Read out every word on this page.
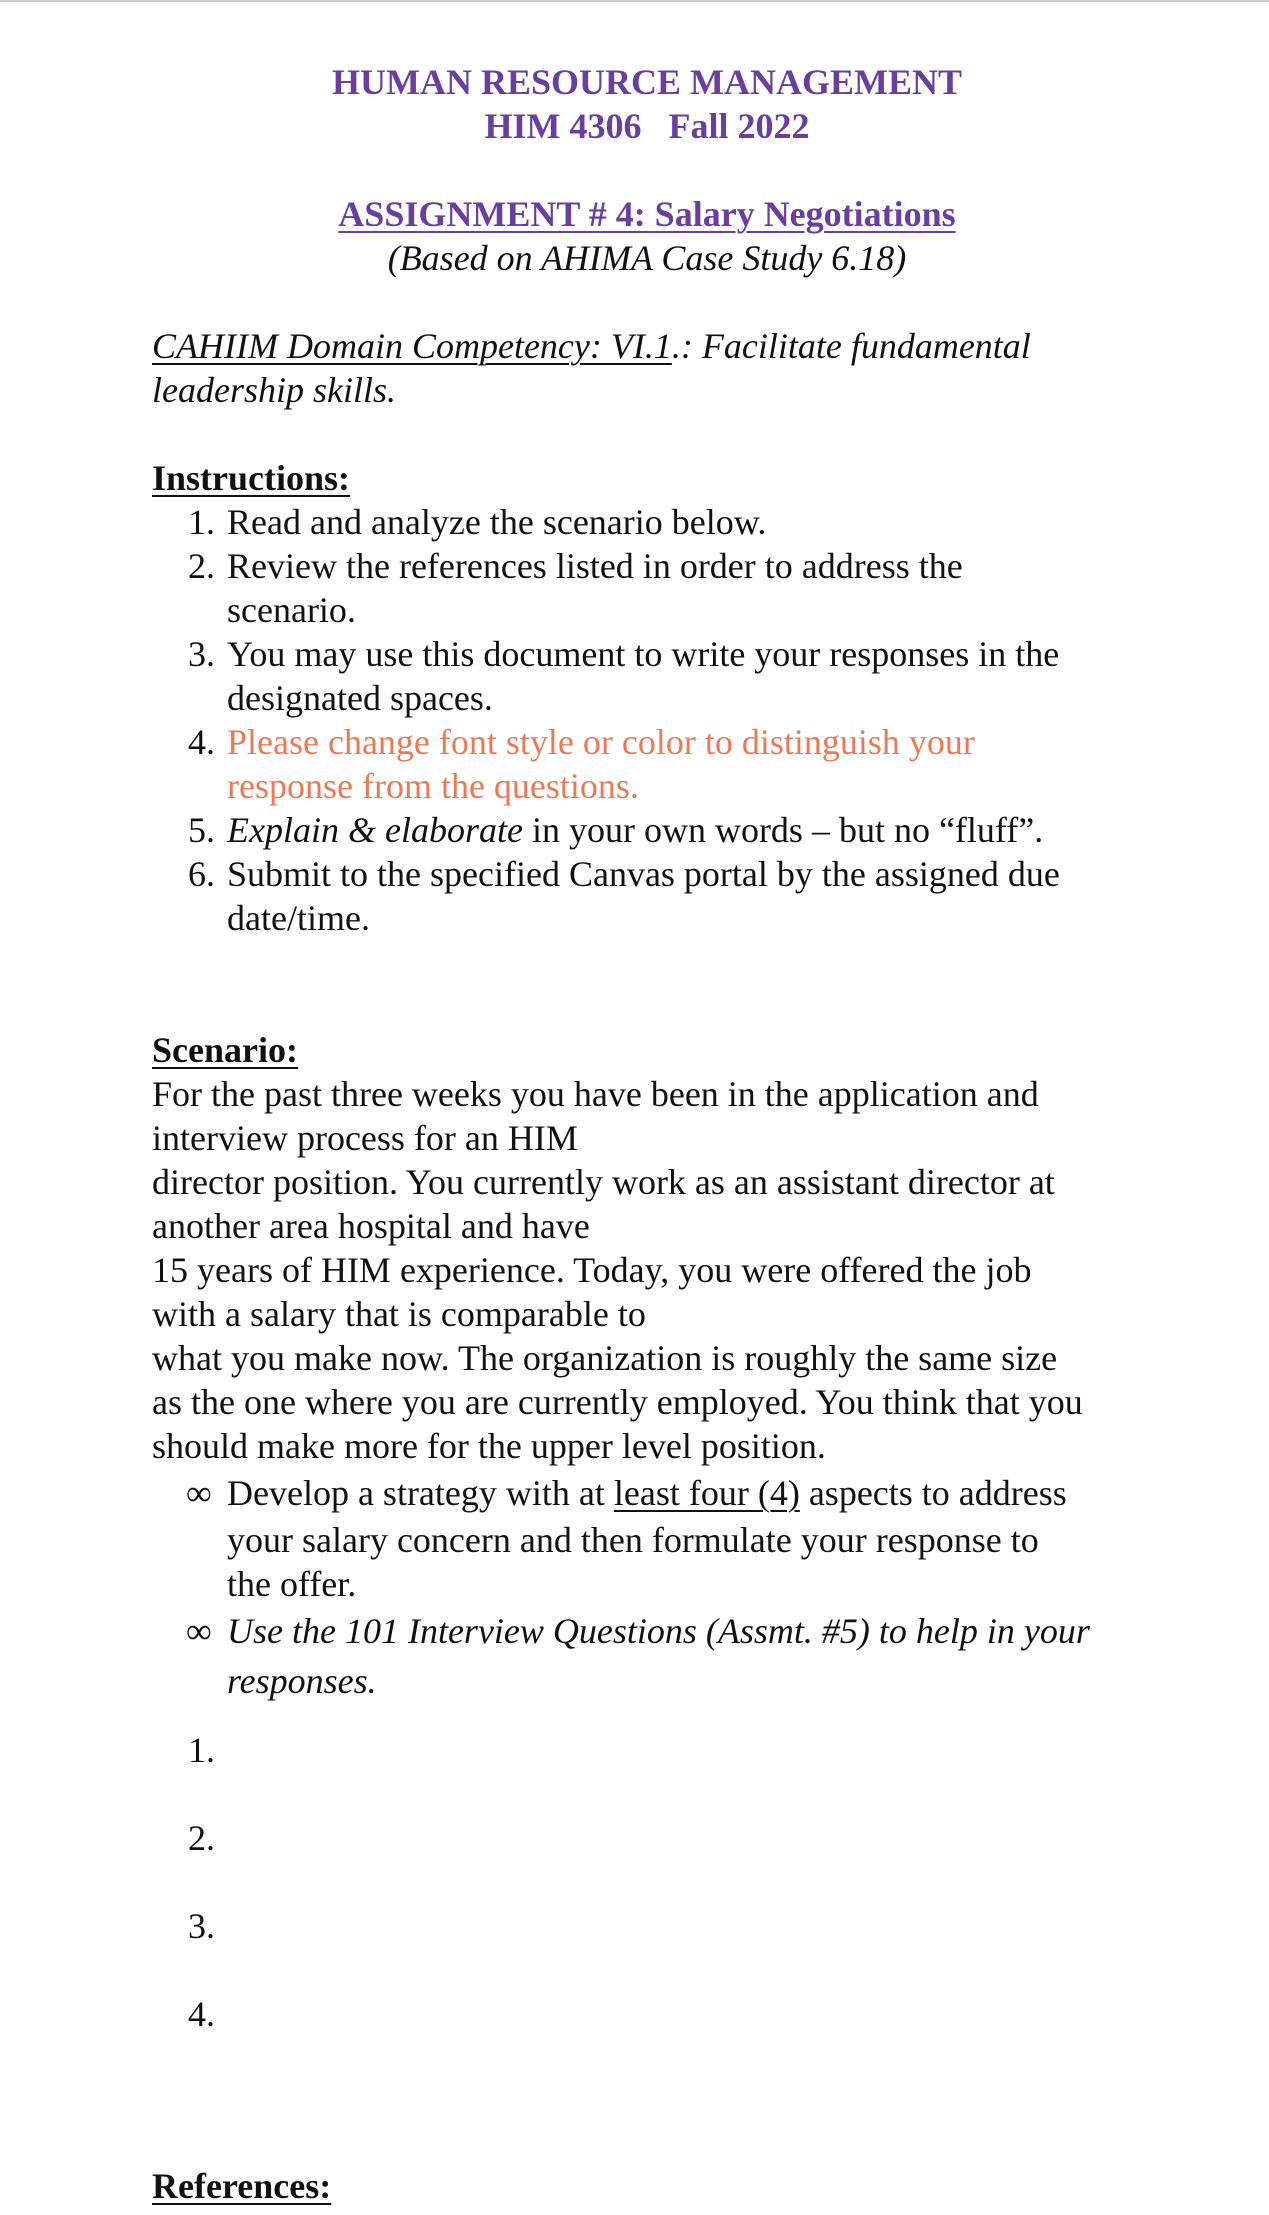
HUMAN RESOURCE MANAGEMENT
HIM 4306 Fall 2022
ASSIGNMENT # 4: Salary Negotiations
(Based on AHIMA Case Study 6.18)
CAHIIM Domain Competency: VI.1.: Facilitate fundamental
leadership skills.
Instructions:
1. Read and analyze the scenario below.
2. Review the references listed in order to address the
scenario.
3. You may use this document to write your responses in the
designated spaces.
4. Please change font style or color to distinguish your
response from the questions.
5. Explain & elaborate in your own words – but no “fluff”.
6. Submit to the specified Canvas portal by the assigned due
date/time.
Scenario:
For the past three weeks you have been in the application and
interview process for an HIM
director position. You currently work as an assistant director at
another area hospital and have
15 years of HIM experience. Today, you were offered the job
with a salary that is comparable to
what you make now. The organization is roughly the same size
as the one where you are currently employed. You think that you
should make more for the upper level position.
∞ Develop a strategy with at least four (4) aspects to address
your salary concern and then formulate your response to
the offer.
∞ Use the 101 Interview Questions (Assmt. #5) to help in your
responses.
1.
2.
3.
4.
References:
